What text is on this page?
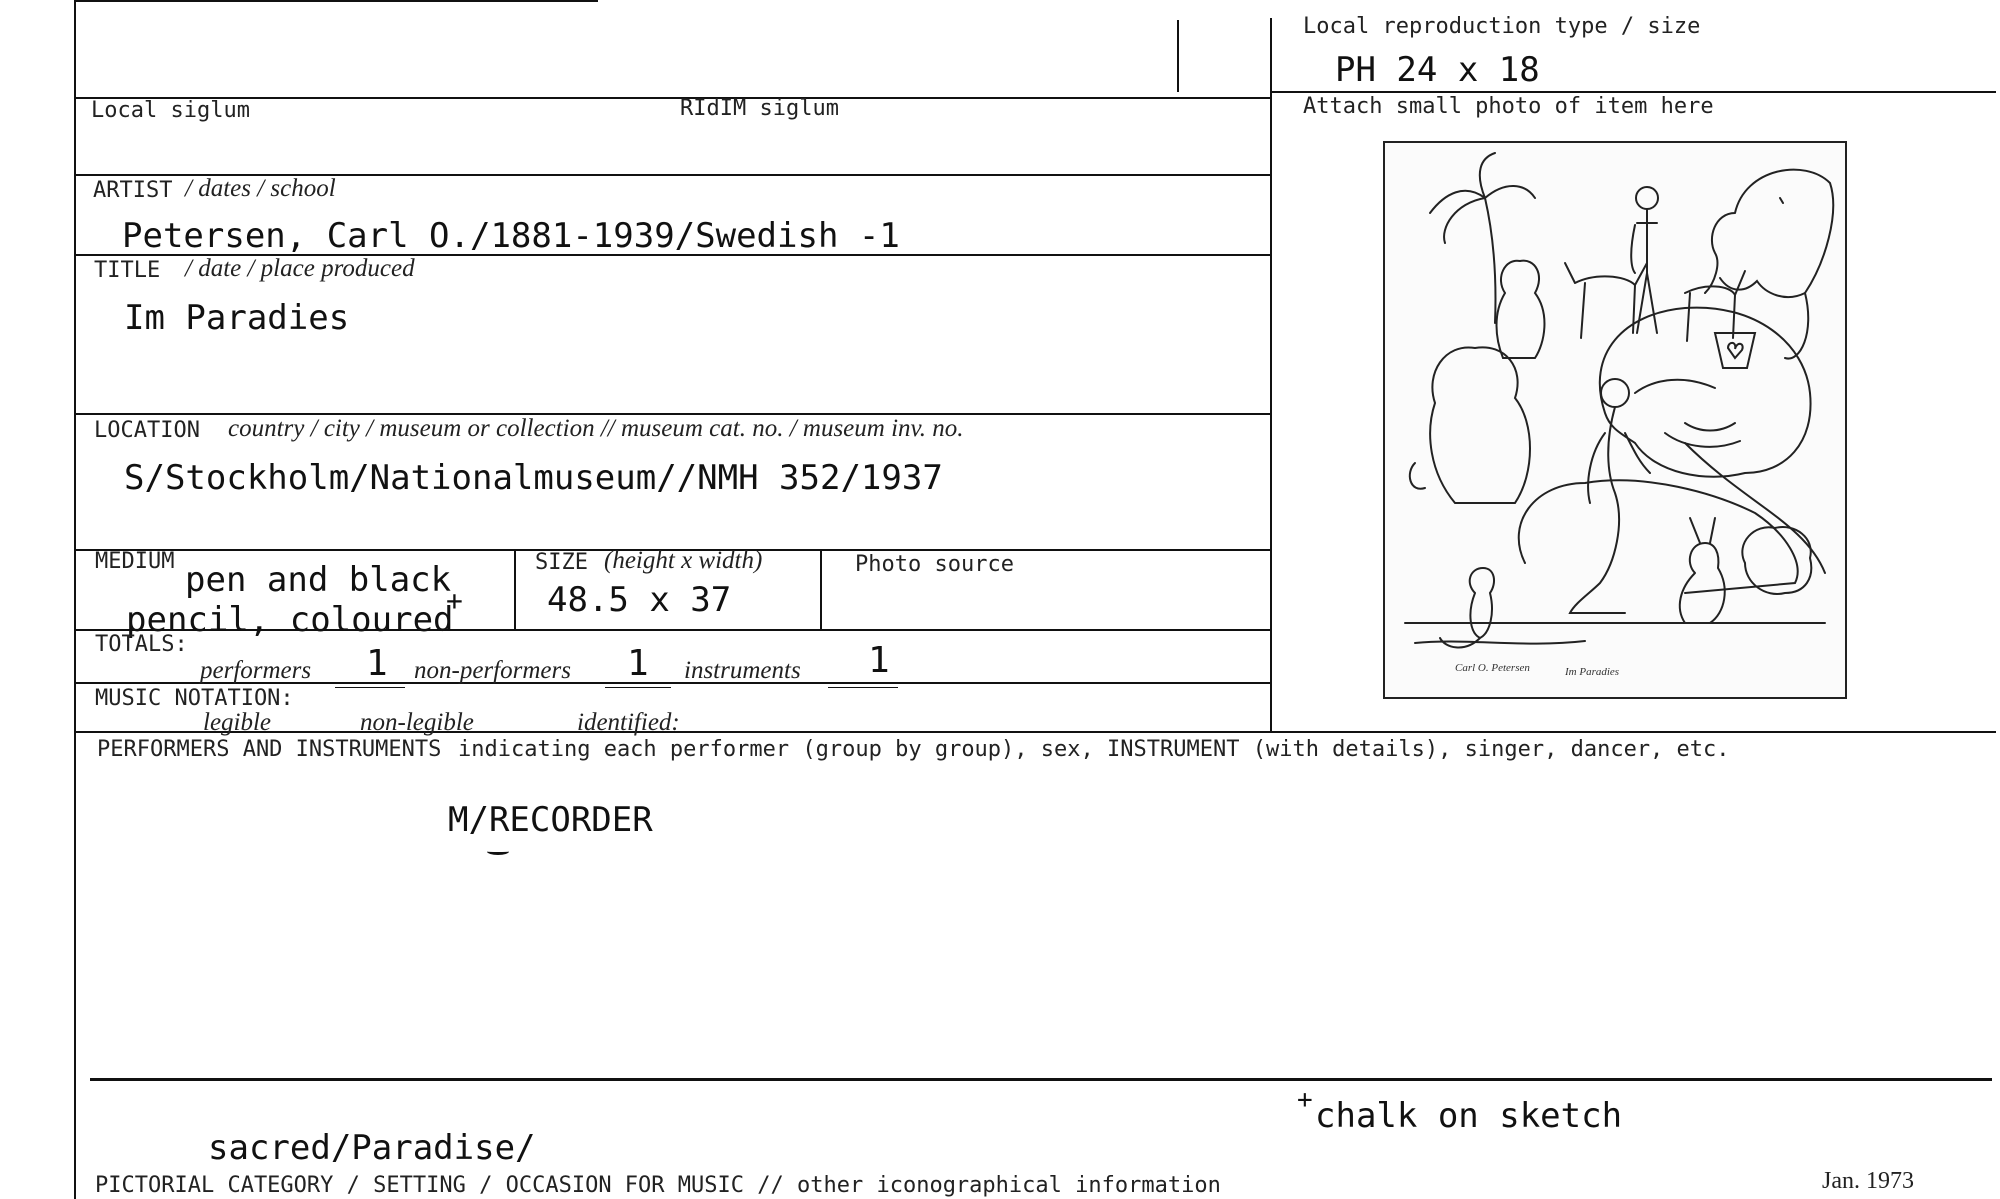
Local reproduction type / size
PH 24 x 18
Local siglum	RIdIM siglum	Attach small photo of item here
ARTIST / dates / school
Petersen, Carl O./1881-1939/Swedish -1
TITLE / date / place produced
Im Paradies
LOCATION country / city / museum or collection // museum cat. no. / museum inv. no.
S/Stockholm/Nationalmuseum//NMH 352/1937
MEDIUM pen and black
pencil, coloured
+
SIZE (height x width)
48.5 x 37
Photo source
TOTALS:
performers 1 non-performers 1 instruments 1
MUSIC NOTATION:
legible	non-legible	identified:
PERFORMERS AND INSTRUMENTS indicating each performer (group by group), sex, INSTRUMENT (with details), singer, dancer, etc.
M/RECORDER
+ chalk on sketch
sacred/Paradise/
PICTORIAL CATEGORY / SETTING / OCCASION FOR MUSIC // other iconographical information	Jan. 1973
Carl O. Petersen	Im Paradies
